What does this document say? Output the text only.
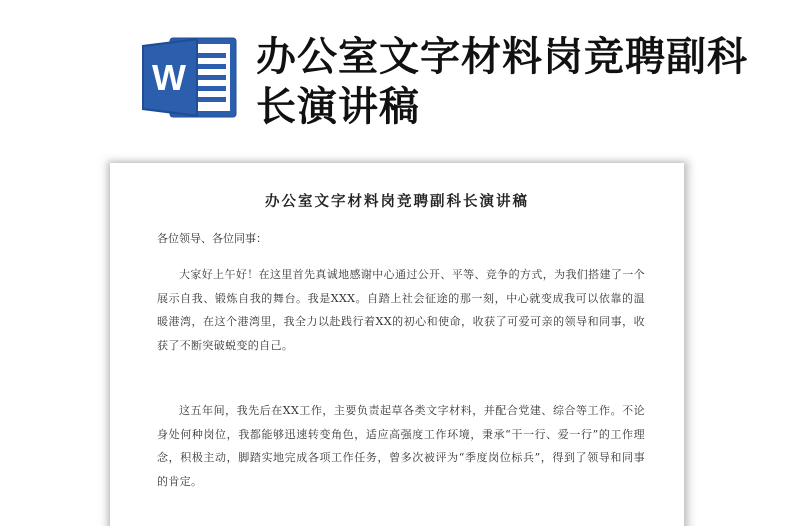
W 办公室文字材料岗竞聘副科长演讲稿
办公室文字材料岗竞聘副科长演讲稿

各位领导、各位同事：

大家好上午好！在这里首先真诚地感谢中心通过公开、平等、竞争的方式，为我们搭建了一个展示自我、锻炼自我的舞台。我是XXX。自踏上社会征途的那一刻，中心就变成我可以依靠的温暖港湾，在这个港湾里，我全力以赴践行着XX的初心和使命，收获了可爱可亲的领导和同事，收获了不断突破蜕变的自己。

这五年间，我先后在XX工作，主要负责起草各类文字材料，并配合党建、综合等工作。不论身处何种岗位，我都能够迅速转变角色，适应高强度工作环境，秉承“干一行、爱一行”的工作理念，积极主动，脚踏实地完成各项工作任务，曾多次被评为“季度岗位标兵”，得到了领导和同事的肯定。
